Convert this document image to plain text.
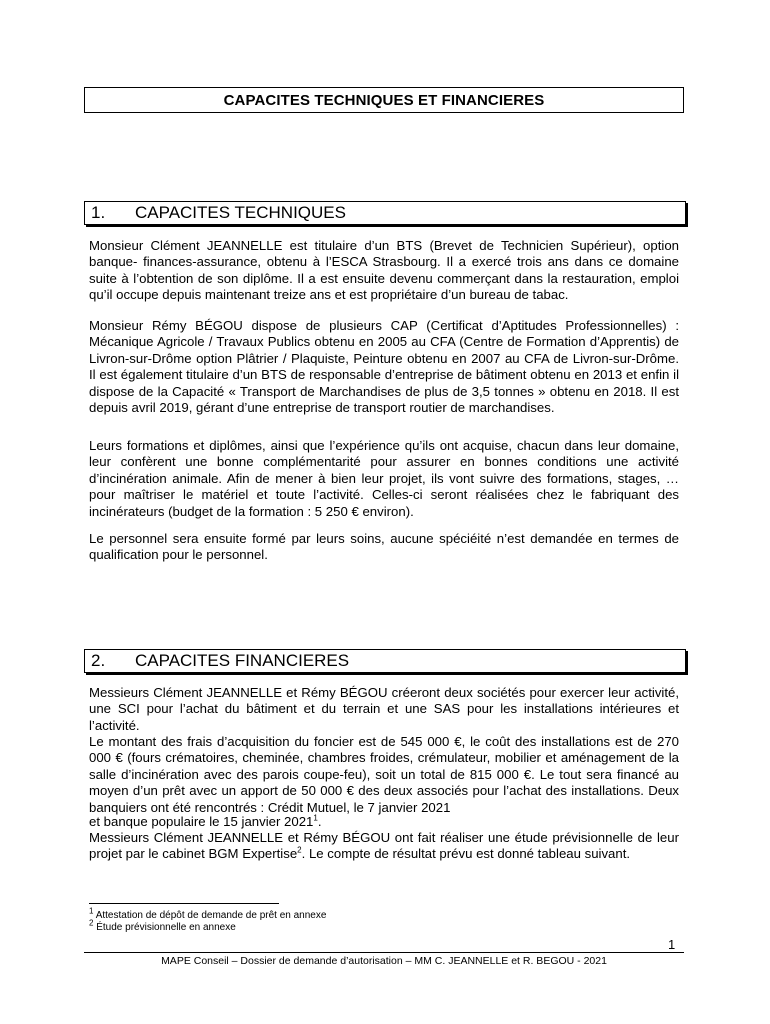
CAPACITES TECHNIQUES ET FINANCIERES
1.	CAPACITES TECHNIQUES

Monsieur Clément JEANNELLE est titulaire d’un BTS (Brevet de Technicien Supérieur), option banque- finances-assurance, obtenu à l’ESCA Strasbourg. Il a exercé trois ans dans ce domaine suite à l’obtention de son diplôme. Il a est ensuite devenu commerçant dans la restauration, emploi qu’il occupe depuis maintenant treize ans et est propriétaire d’un bureau de tabac.

Monsieur Rémy BÉGOU dispose de plusieurs CAP (Certificat d’Aptitudes Professionnelles) : Mécanique Agricole / Travaux Publics obtenu en 2005 au CFA (Centre de Formation d’Apprentis) de Livron-sur-Drôme option Plâtrier / Plaquiste, Peinture obtenu en 2007 au CFA de Livron-sur-Drôme. Il est également titulaire d’un BTS de responsable d’entreprise de bâtiment obtenu en 2013 et enfin il dispose de la Capacité « Transport de Marchandises de plus de 3,5 tonnes » obtenu en 2018. Il est depuis avril 2019, gérant d’une entreprise de transport routier de marchandises.

Leurs formations et diplômes, ainsi que l’expérience qu’ils ont acquise, chacun dans leur domaine, leur confèrent une bonne complémentarité pour assurer en bonnes conditions une activité d’incinération animale. Afin de mener à bien leur projet, ils vont suivre des formations, stages, … pour maîtriser le matériel et toute l’activité. Celles-ci seront réalisées chez le fabriquant des incinérateurs (budget de la formation : 5 250 € environ).

Le personnel sera ensuite formé par leurs soins, aucune spéciéité n’est demandée en termes de qualification pour le personnel.

2.	CAPACITES FINANCIERES

Messieurs Clément JEANNELLE et Rémy BÉGOU créeront deux sociétés pour exercer leur activité, une SCI pour l’achat du bâtiment et du terrain et une SAS pour les installations intérieures et l’activité.

Le montant des frais d’acquisition du foncier est de 545 000 €, le coût des installations est de 270 000 € (fours crématoires, cheminée, chambres froides, crémulateur, mobilier et aménagement de la salle d’incinération avec des parois coupe-feu), soit un total de 815 000 €. Le tout sera financé au moyen d’un prêt avec un apport de 50 000 € des deux associés pour l’achat des installations. Deux banquiers ont été rencontrés : Crédit Mutuel, le 7 janvier 2021

et banque populaire le 15 janvier 2021$^1$.

Messieurs Clément JEANNELLE et Rémy BÉGOU ont fait réaliser une étude prévisionnelle de leur projet par le cabinet BGM Expertise$^2$. Le compte de résultat prévu est donné tableau suivant.

$^1$ Attestation de dépôt de demande de prêt en annexe
$^2$ Étude prévisionnelle en annexe
1
MAPE Conseil – Dossier de demande d’autorisation – MM C. JEANNELLE et R. BEGOU - 2021
